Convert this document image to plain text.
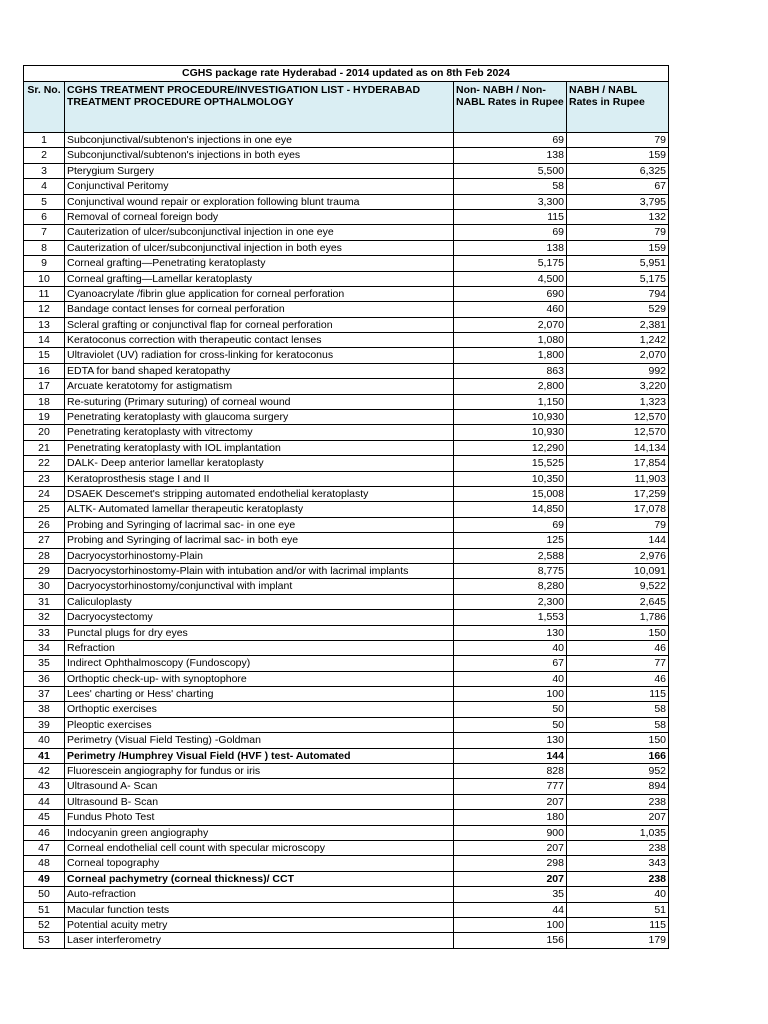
CGHS package rate Hyderabad - 2014 updated as on 8th Feb 2024			
Sr. No.	CGHS TREATMENT PROCEDURE/INVESTIGATION LIST - HYDERABAD TREATMENT PROCEDURE OPTHALMOLOGY	Non- NABH / Non-NABL Rates in Rupee	NABH / NABL Rates in Rupee
1	Subconjunctival/subtenon's injections in one eye	69	79
2	Subconjunctival/subtenon's injections in both eyes	138	159
3	Pterygium Surgery	5,500	6,325
4	Conjunctival Peritomy	58	67
5	Conjunctival wound repair or exploration following blunt trauma	3,300	3,795
6	Removal of corneal foreign body	115	132
7	Cauterization of ulcer/subconjunctival injection in one eye	69	79
8	Cauterization of ulcer/subconjunctival injection in both eyes	138	159
9	Corneal grafting—Penetrating keratoplasty	5,175	5,951
10	Corneal grafting—Lamellar keratoplasty	4,500	5,175
11	Cyanoacrylate /fibrin glue application for corneal perforation	690	794
12	Bandage contact lenses for corneal perforation	460	529
13	Scleral grafting or conjunctival flap for corneal perforation	2,070	2,381
14	Keratoconus correction with therapeutic contact lenses	1,080	1,242
15	Ultraviolet (UV) radiation for cross-linking for keratoconus	1,800	2,070
16	EDTA for band shaped keratopathy	863	992
17	Arcuate keratotomy for astigmatism	2,800	3,220
18	Re-suturing (Primary suturing) of corneal wound	1,150	1,323
19	Penetrating keratoplasty with glaucoma surgery	10,930	12,570
20	Penetrating keratoplasty with vitrectomy	10,930	12,570
21	Penetrating keratoplasty with IOL implantation	12,290	14,134
22	DALK- Deep anterior lamellar keratoplasty	15,525	17,854
23	Keratoprosthesis stage I and II	10,350	11,903
24	DSAEK Descemet's stripping automated endothelial keratoplasty	15,008	17,259
25	ALTK- Automated lamellar therapeutic keratoplasty	14,850	17,078
26	Probing and Syringing of lacrimal sac- in one eye	69	79
27	Probing and Syringing of lacrimal sac- in both eye	125	144
28	Dacryocystorhinostomy-Plain	2,588	2,976
29	Dacryocystorhinostomy-Plain with intubation and/or with lacrimal implants	8,775	10,091
30	Dacryocystorhinostomy/conjunctival with implant	8,280	9,522
31	Caliculoplasty	2,300	2,645
32	Dacryocystectomy	1,553	1,786
33	Punctal plugs for dry eyes	130	150
34	Refraction	40	46
35	Indirect Ophthalmoscopy (Fundoscopy)	67	77
36	Orthoptic check-up- with synoptophore	40	46
37	Lees' charting or Hess' charting	100	115
38	Orthoptic exercises	50	58
39	Pleoptic exercises	50	58
40	Perimetry (Visual Field Testing) -Goldman	130	150
41	Perimetry /Humphrey Visual Field (HVF ) test- Automated	144	166
42	Fluorescein angiography for fundus or iris	828	952
43	Ultrasound A- Scan	777	894
44	Ultrasound B- Scan	207	238
45	Fundus Photo Test	180	207
46	Indocyanin green angiography	900	1,035
47	Corneal endothelial cell count with specular microscopy	207	238
48	Corneal topography	298	343
49	Corneal pachymetry (corneal thickness)/ CCT	207	238
50	Auto-refraction	35	40
51	Macular function tests	44	51
52	Potential acuity metry	100	115
53	Laser interferometry	156	179
